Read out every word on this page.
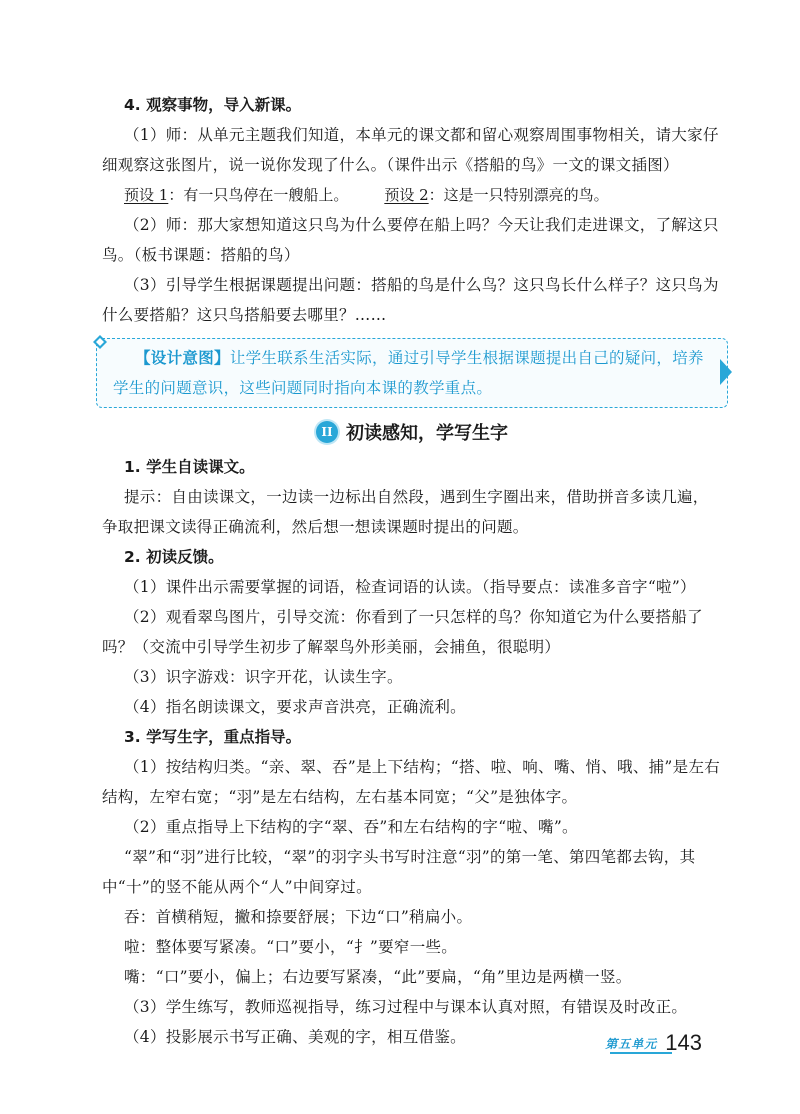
4. 观察事物，导入新课。

（1）师：从单元主题我们知道，本单元的课文都和留心观察周围事物相关，请大家仔细观察这张图片，说一说你发现了什么。（课件出示《搭船的鸟》一文的课文插图）

预设 1：有一只鸟停在一艘船上。 预设 2：这是一只特别漂亮的鸟。

（2）师：那大家想知道这只鸟为什么要停在船上吗？今天让我们走进课文，了解这只鸟。（板书课题：搭船的鸟）

（3）引导学生根据课题提出问题：搭船的鸟是什么鸟？这只鸟长什么样子？这只鸟为什么要搭船？这只鸟搭船要去哪里？……

【设计意图】让学生联系生活实际，通过引导学生根据课题提出自己的疑问，培养学生的问题意识，这些问题同时指向本课的教学重点。

II 初读感知，学写生字

1. 学生自读课文。

提示：自由读课文，一边读一边标出自然段，遇到生字圈出来，借助拼音多读几遍，争取把课文读得正确流利，然后想一想读课题时提出的问题。

2. 初读反馈。

（1）课件出示需要掌握的词语，检查词语的认读。（指导要点：读准多音字“啦”）

（2）观看翠鸟图片，引导交流：你看到了一只怎样的鸟？你知道它为什么要搭船了吗？（交流中引导学生初步了解翠鸟外形美丽，会捕鱼，很聪明）

（3）识字游戏：识字开花，认读生字。

（4）指名朗读课文，要求声音洪亮，正确流利。

3. 学写生字，重点指导。

（1）按结构归类。“亲、翠、吞”是上下结构；“搭、啦、响、嘴、悄、哦、捕”是左右结构，左窄右宽；“羽”是左右结构，左右基本同宽；“父”是独体字。

（2）重点指导上下结构的字“翠、吞”和左右结构的字“啦、嘴”。

“翠”和“羽”进行比较，“翠”的羽字头书写时注意“羽”的第一笔、第四笔都去钩，其中“十”的竖不能从两个“人”中间穿过。

吞：首横稍短，撇和捺要舒展；下边“口”稍扁小。

啦：整体要写紧凑。“口”要小，“扌”要窄一些。

嘴：“口”要小，偏上；右边要写紧凑，“此”要扁，“角”里边是两横一竖。

（3）学生练写，教师巡视指导，练习过程中与课本认真对照，有错误及时改正。

（4）投影展示书写正确、美观的字，相互借鉴。	第五单元 143
